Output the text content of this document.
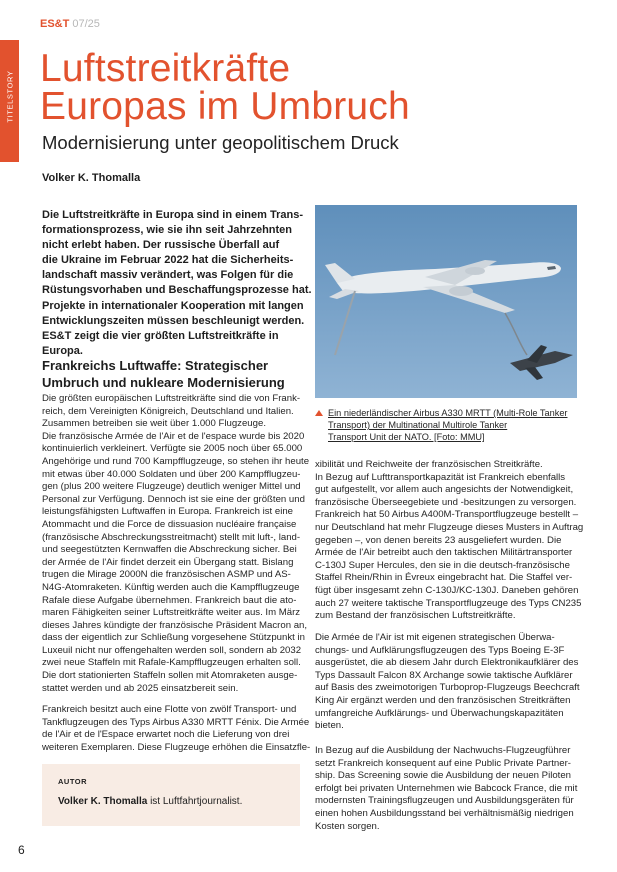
TITELSTORY
ES&T 07/25
Luftstreitkräfte
Europas im Umbruch
Modernisierung unter geopolitischem Druck
Volker K. Thomalla
Die Luftstreitkräfte in Europa sind in einem Trans-
formationsprozess, wie sie ihn seit Jahrzehnten
nicht erlebt haben. Der russische Überfall auf
die Ukraine im Februar 2022 hat die Sicherheits-
landschaft massiv verändert, was Folgen für die
Rüstungsvorhaben und Beschaffungsprozesse hat.
Projekte in internationaler Kooperation mit langen
Entwicklungszeiten müssen beschleunigt werden.
ES&T zeigt die vier größten Luftstreitkräfte in
Europa.
Frankreichs Luftwaffe: Strategischer
Umbruch und nukleare Modernisierung
Die größten europäischen Luftstreitkräfte sind die von Frank-
reich, dem Vereinigten Königreich, Deutschland und Italien.
Zusammen betreiben sie weit über 1.000 Flugzeuge.
Die französische Armée de l'Air et de l'espace wurde bis 2020
kontinuierlich verkleinert. Verfügte sie 2005 noch über 65.000
Angehörige und rund 700 Kampfflugzeuge, so stehen ihr heute
mit etwas über 40.000 Soldaten und über 200 Kampfflugzeu-
gen (plus 200 weitere Flugzeuge) deutlich weniger Mittel und
Personal zur Verfügung. Dennoch ist sie eine der größten und
leistungsfähigsten Luftwaffen in Europa. Frankreich ist eine
Atommacht und die Force de dissuasion nucléaire française
(französische Abschreckungsstreitmacht) stellt mit luft-, land-
und seegestützten Kernwaffen die Abschreckung sicher. Bei
der Armée de l'Air findet derzeit ein Übergang statt. Bislang
trugen die Mirage 2000N die französischen ASMP und AS-
N4G-Atomraketen. Künftig werden auch die Kampfflugzeuge
Rafale diese Aufgabe übernehmen. Frankreich baut die ato-
maren Fähigkeiten seiner Luftstreitkräfte weiter aus. Im März
dieses Jahres kündigte der französische Präsident Macron an,
dass der eigentlich zur Schließung vorgesehene Stützpunkt in
Luxeuil nicht nur offengehalten werden soll, sondern ab 2032
zwei neue Staffeln mit Rafale-Kampfflugzeugen erhalten soll.
Die dort stationierten Staffeln sollen mit Atomraketen ausge-
stattet werden und ab 2025 einsatzbereit sein.
Frankreich besitzt auch eine Flotte von zwölf Transport- und
Tankflugzeugen des Typs Airbus A330 MRTT Fénix. Die Armée
de l'Air et de l'Espace erwartet noch die Lieferung von drei
weiteren Exemplaren. Diese Flugzeuge erhöhen die Einsatzfle-
AUTOR
Volker K. Thomalla ist Luftfahrtjournalist.
Ein niederländischer Airbus A330 MRTT (Multi-Role Tanker
Transport) der Multinational Multirole Tanker
Transport Unit der NATO. [Foto: MMU]
xibilität und Reichweite der französischen Streitkräfte.
In Bezug auf Lufttransportkapazität ist Frankreich ebenfalls
gut aufgestellt, vor allem auch angesichts der Notwendigkeit,
französische Überseegebiete und -besitzungen zu versorgen.
Frankreich hat 50 Airbus A400M-Transportflugzeuge bestellt –
nur Deutschland hat mehr Flugzeuge dieses Musters in Auftrag
gegeben –, von denen bereits 23 ausgeliefert wurden. Die
Armée de l'Air betreibt auch den taktischen Militärtransporter
C-130J Super Hercules, den sie in die deutsch-französische
Staffel Rhein/Rhin in Évreux eingebracht hat. Die Staffel ver-
fügt über insgesamt zehn C-130J/KC-130J. Daneben gehören
auch 27 weitere taktische Transportflugzeuge des Typs CN235
zum Bestand der französischen Luftstreitkräfte.
Die Armée de l'Air ist mit eigenen strategischen Überwa-
chungs- und Aufklärungsflugzeugen des Typs Boeing E-3F
ausgerüstet, die ab diesem Jahr durch Elektronikaufklärer des
Typs Dassault Falcon 8X Archange sowie taktische Aufklärer
auf Basis des zweimotorigen Turboprop-Flugzeugs Beechcraft
King Air ergänzt werden und den französischen Streitkräften
umfangreiche Aufklärungs- und Überwachungskapazitäten
bieten.
In Bezug auf die Ausbildung der Nachwuchs-Flugzeugführer
setzt Frankreich konsequent auf eine Public Private Partner-
ship. Das Screening sowie die Ausbildung der neuen Piloten
erfolgt bei privaten Unternehmen wie Babcock France, die mit
modernsten Trainingsflugzeugen und Ausbildungsgeräten für
einen hohen Ausbildungsstand bei verhältnismäßig niedrigen
Kosten sorgen.
6
